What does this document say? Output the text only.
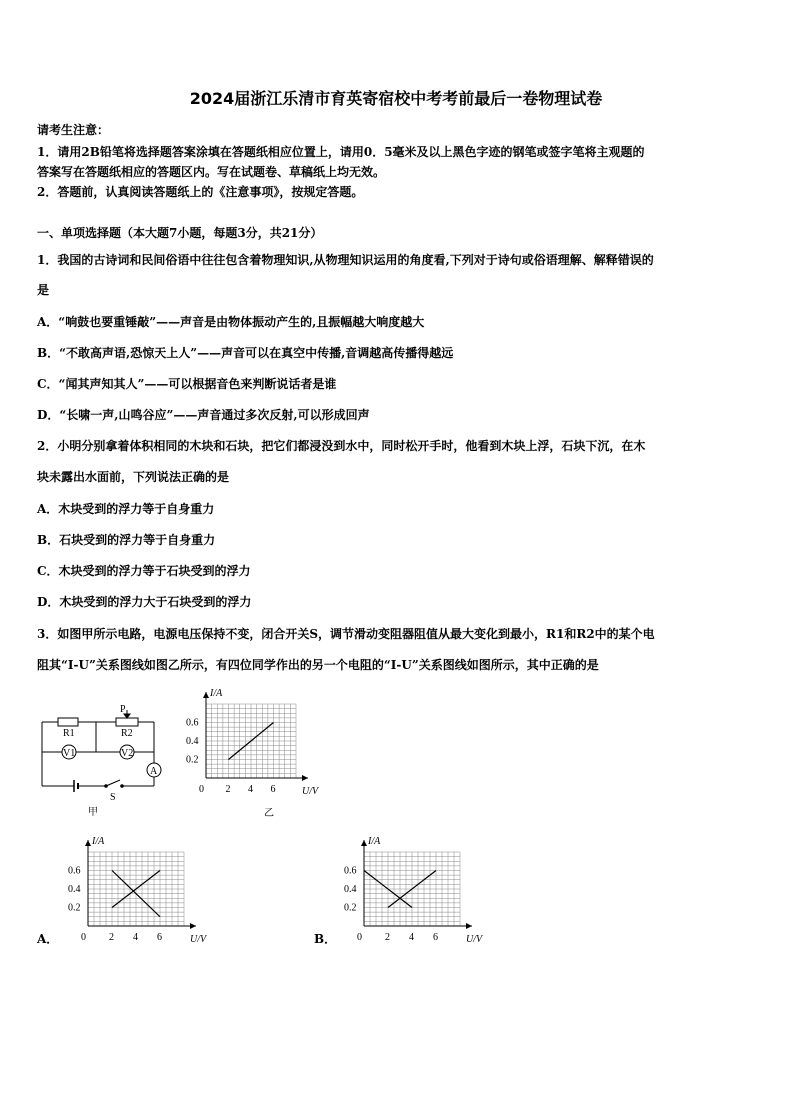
2024届浙江乐清市育英寄宿校中考考前最后一卷物理试卷
请考生注意：
1．请用2B铅笔将选择题答案涂填在答题纸相应位置上，请用0．5毫米及以上黑色字迹的钢笔或签字笔将主观题的
答案写在答题纸相应的答题区内。写在试题卷、草稿纸上均无效。
2．答题前，认真阅读答题纸上的《注意事项》，按规定答题。
一、单项选择题（本大题7小题，每题3分，共21分）
1．我国的古诗词和民间俗语中往往包含着物理知识,从物理知识运用的角度看,下列对于诗句或俗语理解、解释错误的
是
A．“响鼓也要重锤敲”——声音是由物体振动产生的,且振幅越大响度越大
B．“不敢高声语,恐惊天上人”——声音可以在真空中传播,音调越高传播得越远
C．“闻其声知其人”——可以根据音色来判断说话者是谁
D．“长啸一声,山鸣谷应”——声音通过多次反射,可以形成回声
2．小明分别拿着体积相同的木块和石块，把它们都浸没到水中，同时松开手时，他看到木块上浮，石块下沉，在木
块未露出水面前，下列说法正确的是
A．木块受到的浮力等于自身重力
B．石块受到的浮力等于自身重力
C．木块受到的浮力等于石块受到的浮力
D．木块受到的浮力大于石块受到的浮力
3．如图甲所示电路，电源电压保持不变，闭合开关S，调节滑动变阻器阻值从最大变化到最小，R1和R2中的某个电
阻其“I-U”关系图线如图乙所示，有四位同学作出的另一个电阻的“I-U”关系图线如图所示，其中正确的是
R1	R2
P
V1	V2
A
S
甲	乙
0 2 4 6
0.2
0.4
0.6
U/V
I/A
A． 0 2 4 6
0.2
0.4
0.6
U/V
I/A
B． 0 2 4 6
0.2
0.4
0.6
U/V
I/A
